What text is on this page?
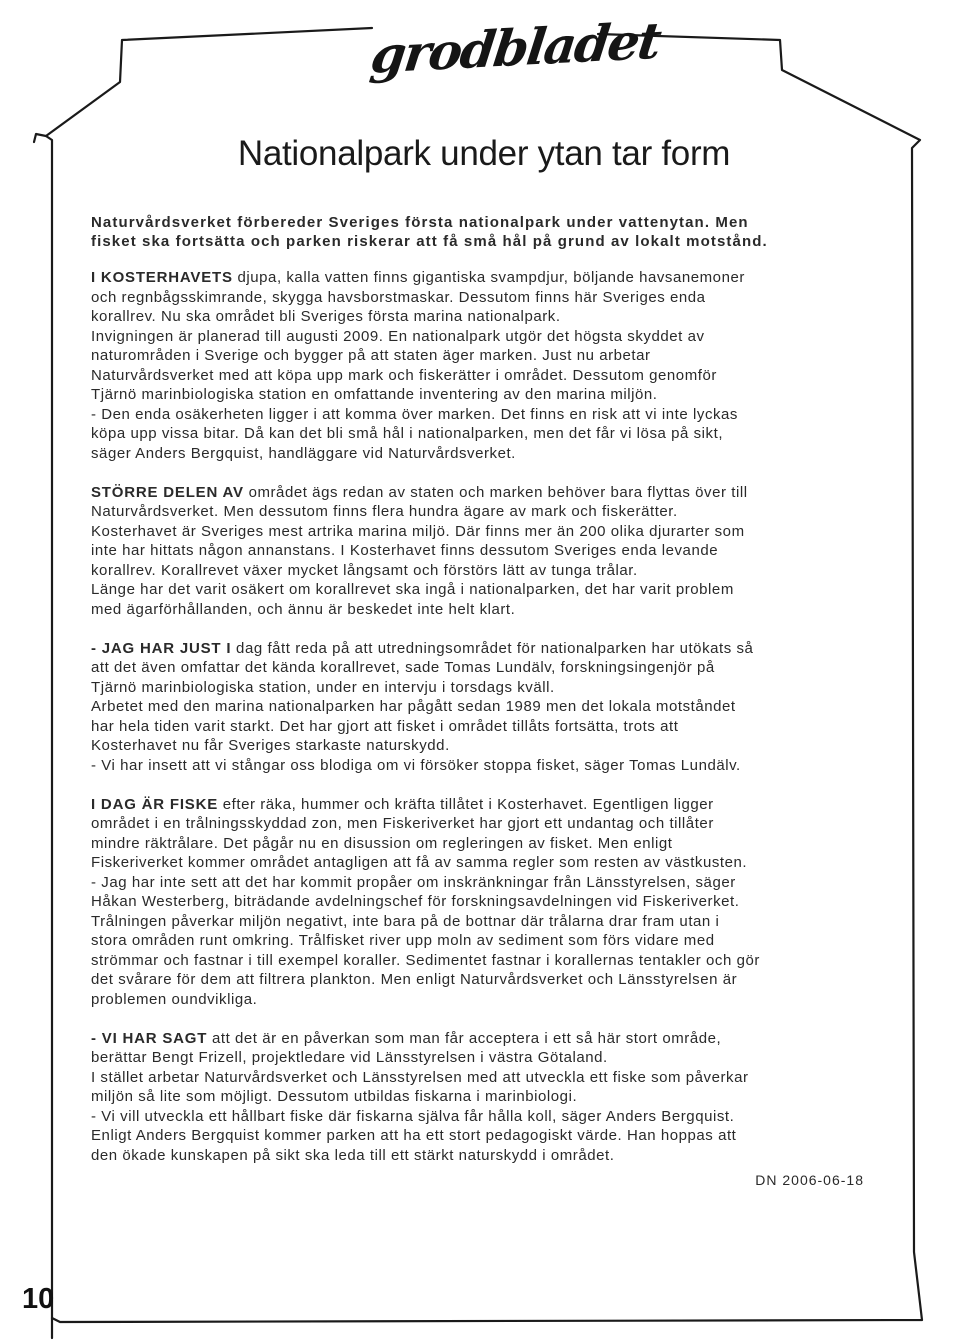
grodbladet
Nationalpark under ytan tar form

Naturvårdsverket förbereder Sveriges första nationalpark under vattenytan. Men
fisket ska fortsätta och parken riskerar att få små hål på grund av lokalt motstånd.

I KOSTERHAVETS djupa, kalla vatten finns gigantiska svampdjur, böljande havsanemoner
och regnbågsskimrande, skygga havsborstmaskar. Dessutom finns här Sveriges enda
korallrev. Nu ska området bli Sveriges första marina nationalpark.
Invigningen är planerad till augusti 2009. En nationalpark utgör det högsta skyddet av
naturområden i Sverige och bygger på att staten äger marken. Just nu arbetar
Naturvårdsverket med att köpa upp mark och fiskerätter i området. Dessutom genomför
Tjärnö marinbiologiska station en omfattande inventering av den marina miljön.
- Den enda osäkerheten ligger i att komma över marken. Det finns en risk att vi inte lyckas
köpa upp vissa bitar. Då kan det bli små hål i nationalparken, men det får vi lösa på sikt,
säger Anders Bergquist, handläggare vid Naturvårdsverket.

STÖRRE DELEN AV området ägs redan av staten och marken behöver bara flyttas över till
Naturvårdsverket. Men dessutom finns flera hundra ägare av mark och fiskerätter.
Kosterhavet är Sveriges mest artrika marina miljö. Där finns mer än 200 olika djurarter som
inte har hittats någon annanstans. I Kosterhavet finns dessutom Sveriges enda levande
korallrev. Korallrevet växer mycket långsamt och förstörs lätt av tunga trålar.
Länge har det varit osäkert om korallrevet ska ingå i nationalparken, det har varit problem
med ägarförhållanden, och ännu är beskedet inte helt klart.

- JAG HAR JUST I dag fått reda på att utredningsområdet för nationalparken har utökats så
att det även omfattar det kända korallrevet, sade Tomas Lundälv, forskningsingenjör på
Tjärnö marinbiologiska station, under en intervju i torsdags kväll.
Arbetet med den marina nationalparken har pågått sedan 1989 men det lokala motståndet
har hela tiden varit starkt. Det har gjort att fisket i området tillåts fortsätta, trots att
Kosterhavet nu får Sveriges starkaste naturskydd.
- Vi har insett att vi stångar oss blodiga om vi försöker stoppa fisket, säger Tomas Lundälv.

I DAG ÄR FISKE efter räka, hummer och kräfta tillåtet i Kosterhavet. Egentligen ligger
området i en trålningsskyddad zon, men Fiskeriverket har gjort ett undantag och tillåter
mindre räktrålare. Det pågår nu en disussion om regleringen av fisket. Men enligt
Fiskeriverket kommer området antagligen att få av samma regler som resten av västkusten.
- Jag har inte sett att det har kommit propåer om inskränkningar från Länsstyrelsen, säger
Håkan Westerberg, biträdande avdelningschef för forskningsavdelningen vid Fiskeriverket.
Trålningen påverkar miljön negativt, inte bara på de bottnar där trålarna drar fram utan i
stora områden runt omkring. Trålfisket river upp moln av sediment som förs vidare med
strömmar och fastnar i till exempel koraller. Sedimentet fastnar i korallernas tentakler och gör
det svårare för dem att filtrera plankton. Men enligt Naturvårdsverket och Länsstyrelsen är
problemen oundvikliga.

- VI HAR SAGT att det är en påverkan som man får acceptera i ett så här stort område,
berättar Bengt Frizell, projektledare vid Länsstyrelsen i västra Götaland.
I stället arbetar Naturvårdsverket och Länsstyrelsen med att utveckla ett fiske som påverkar
miljön så lite som möjligt. Dessutom utbildas fiskarna i marinbiologi.
- Vi vill utveckla ett hållbart fiske där fiskarna själva får hålla koll, säger Anders Bergquist.
Enligt Anders Bergquist kommer parken att ha ett stort pedagogiskt värde. Han hoppas att
den ökade kunskapen på sikt ska leda till ett stärkt naturskydd i området.

DN 2006-06-18
10
